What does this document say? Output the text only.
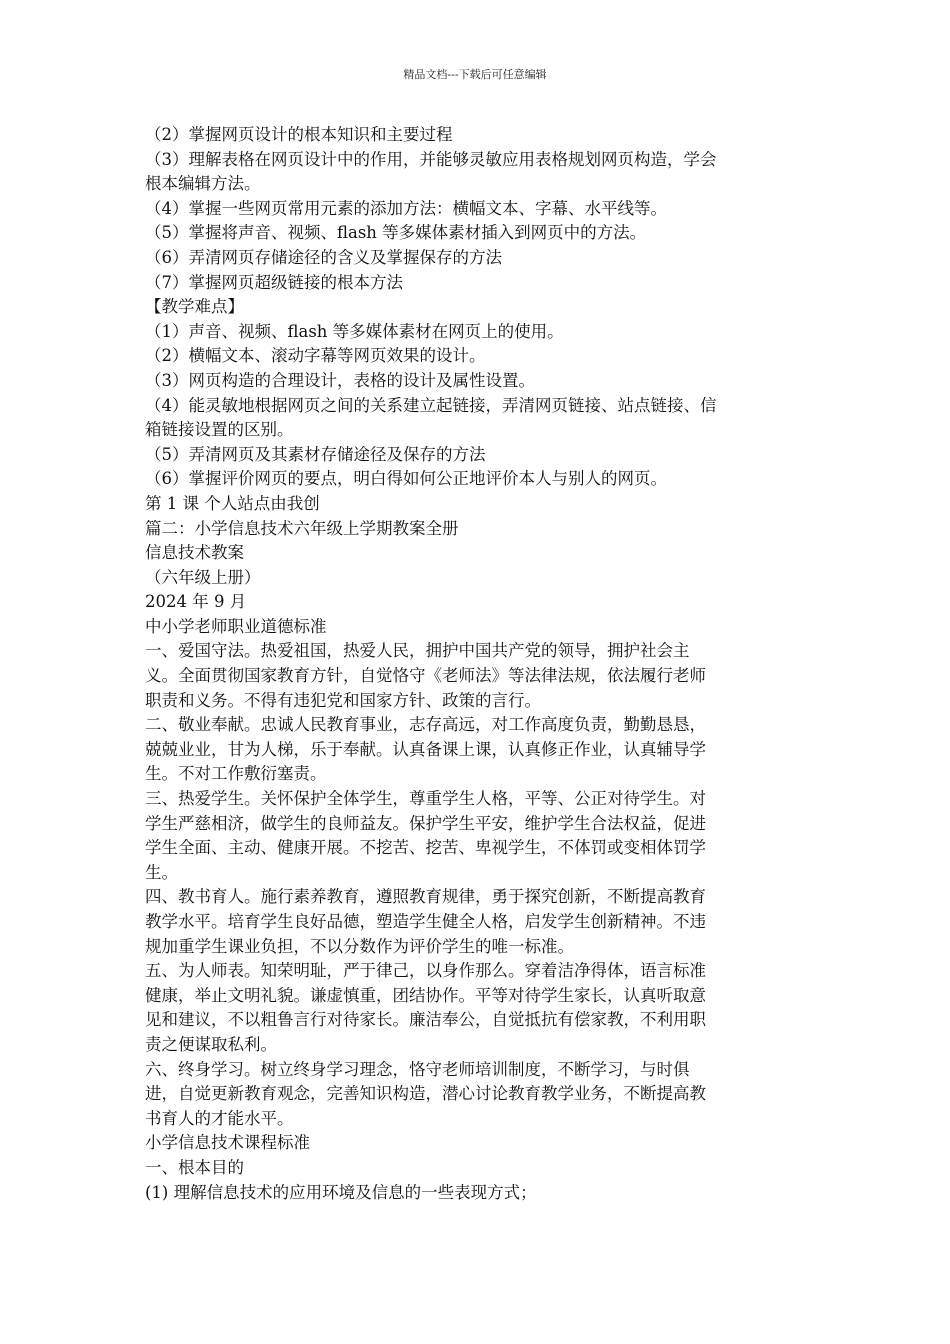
精品文档---下载后可任意编辑
（2）掌握网页设计的根本知识和主要过程
（3）理解表格在网页设计中的作用，并能够灵敏应用表格规划网页构造，学会
根本编辑方法。
（4）掌握一些网页常用元素的添加方法：横幅文本、字幕、水平线等。
（5）掌握将声音、视频、flash 等多媒体素材插入到网页中的方法。
（6）弄清网页存储途径的含义及掌握保存的方法
（7）掌握网页超级链接的根本方法
【教学难点】
（1）声音、视频、flash 等多媒体素材在网页上的使用。
（2）横幅文本、滚动字幕等网页效果的设计。
（3）网页构造的合理设计，表格的设计及属性设置。
（4）能灵敏地根据网页之间的关系建立起链接，弄清网页链接、站点链接、信
箱链接设置的区别。
（5）弄清网页及其素材存储途径及保存的方法
（6）掌握评价网页的要点，明白得如何公正地评价本人与别人的网页。
第 1 课 个人站点由我创
篇二：小学信息技术六年级上学期教案全册
信息技术教案
（六年级上册）
2024 年 9 月
中小学老师职业道德标准
一、爱国守法。热爱祖国，热爱人民，拥护中国共产党的领导，拥护社会主
义。全面贯彻国家教育方针，自觉恪守《老师法》等法律法规，依法履行老师
职责和义务。不得有违犯党和国家方针、政策的言行。
二、敬业奉献。忠诚人民教育事业，志存高远，对工作高度负责，勤勤恳恳，
兢兢业业，甘为人梯，乐于奉献。认真备课上课，认真修正作业，认真辅导学
生。不对工作敷衍塞责。
三、热爱学生。关怀保护全体学生，尊重学生人格，平等、公正对待学生。对
学生严慈相济，做学生的良师益友。保护学生平安，维护学生合法权益，促进
学生全面、主动、健康开展。不挖苦、挖苦、卑视学生，不体罚或变相体罚学
生。
四、教书育人。施行素养教育，遵照教育规律，勇于探究创新，不断提高教育
教学水平。培育学生良好品德，塑造学生健全人格，启发学生创新精神。不违
规加重学生课业负担，不以分数作为评价学生的唯一标准。
五、为人师表。知荣明耻，严于律己，以身作那么。穿着洁净得体，语言标准
健康，举止文明礼貌。谦虚慎重，团结协作。平等对待学生家长，认真听取意
见和建议，不以粗鲁言行对待家长。廉洁奉公，自觉抵抗有偿家教，不利用职
责之便谋取私利。
六、终身学习。树立终身学习理念，恪守老师培训制度，不断学习，与时俱
进，自觉更新教育观念，完善知识构造，潜心讨论教育教学业务，不断提高教
书育人的才能水平。
小学信息技术课程标准
一、根本目的
(1) 理解信息技术的应用环境及信息的一些表现方式；
